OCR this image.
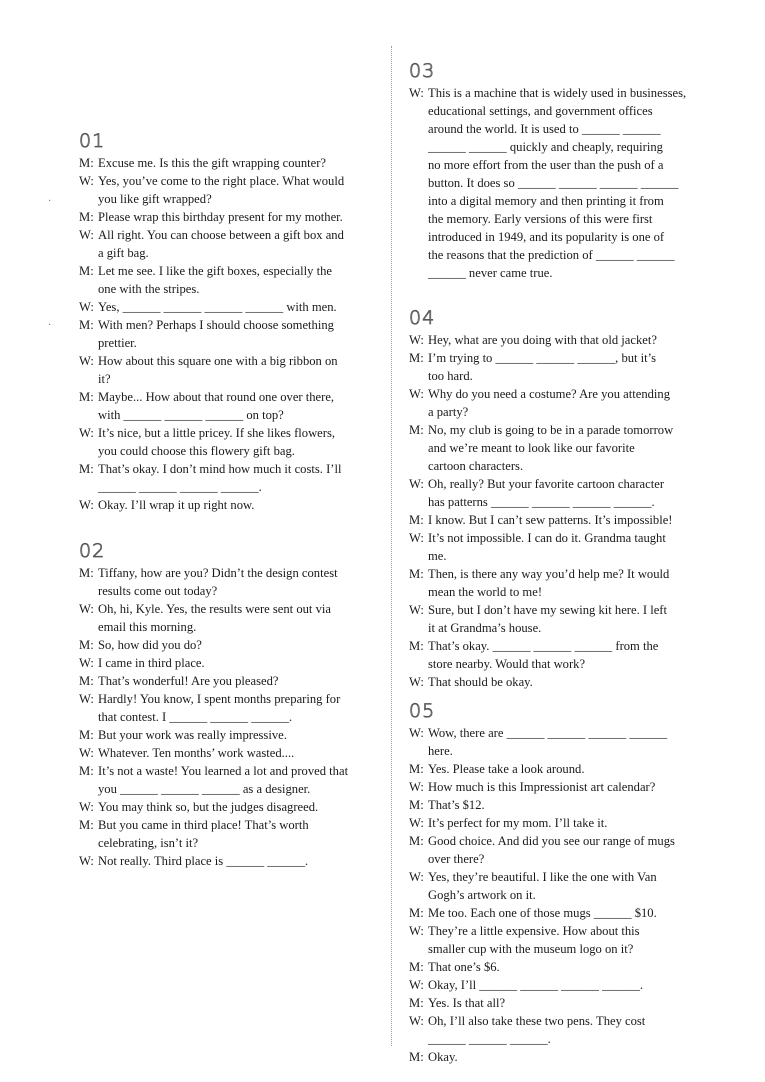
01
M: Excuse me. Is this the gift wrapping counter?
W: Yes, you’ve come to the right place. What would
you like gift wrapped?
M: Please wrap this birthday present for my mother.
W: All right. You can choose between a gift box and
a gift bag.
M: Let me see. I like the gift boxes, especially the
one with the stripes.
W: Yes, ______ ______ ______ ______ with men.
M: With men? Perhaps I should choose something
prettier.
W: How about this square one with a big ribbon on
it?
M: Maybe... How about that round one over there,
with ______ ______ ______ on top?
W: It’s nice, but a little pricey. If she likes flowers,
you could choose this flowery gift bag.
M: That’s okay. I don’t mind how much it costs. I’ll
______ ______ ______ ______.
W: Okay. I’ll wrap it up right now.
02
M: Tiffany, how are you? Didn’t the design contest
results come out today?
W: Oh, hi, Kyle. Yes, the results were sent out via
email this morning.
M: So, how did you do?
W: I came in third place.
M: That’s wonderful! Are you pleased?
W: Hardly! You know, I spent months preparing for
that contest. I ______ ______ ______.
M: But your work was really impressive.
W: Whatever. Ten months’ work wasted....
M: It’s not a waste! You learned a lot and proved that
you ______ ______ ______ as a designer.
W: You may think so, but the judges disagreed.
M: But you came in third place! That’s worth
celebrating, isn’t it?
W: Not really. Third place is ______ ______.
03
W: This is a machine that is widely used in businesses,
educational settings, and government offices
around the world. It is used to ______ ______
______ ______ quickly and cheaply, requiring
no more effort from the user than the push of a
button. It does so ______ ______ ______ ______
into a digital memory and then printing it from
the memory. Early versions of this were first
introduced in 1949, and its popularity is one of
the reasons that the prediction of ______ ______
______ never came true.
04
W: Hey, what are you doing with that old jacket?
M: I’m trying to ______ ______ ______, but it’s
too hard.
W: Why do you need a costume? Are you attending
a party?
M: No, my club is going to be in a parade tomorrow
and we’re meant to look like our favorite
cartoon characters.
W: Oh, really? But your favorite cartoon character
has patterns ______ ______ ______ ______.
M: I know. But I can’t sew patterns. It’s impossible!
W: It’s not impossible. I can do it. Grandma taught
me.
M: Then, is there any way you’d help me? It would
mean the world to me!
W: Sure, but I don’t have my sewing kit here. I left
it at Grandma’s house.
M: That’s okay. ______ ______ ______ from the
store nearby. Would that work?
W: That should be okay.
05
W: Wow, there are ______ ______ ______ ______
here.
M: Yes. Please take a look around.
W: How much is this Impressionist art calendar?
M: That’s $12.
W: It’s perfect for my mom. I’ll take it.
M: Good choice. And did you see our range of mugs
over there?
W: Yes, they’re beautiful. I like the one with Van
Gogh’s artwork on it.
M: Me too. Each one of those mugs ______ $10.
W: They’re a little expensive. How about this
smaller cup with the museum logo on it?
M: That one’s $6.
W: Okay, I’ll ______ ______ ______ ______.
M: Yes. Is that all?
W: Oh, I’ll also take these two pens. They cost
______ ______ ______.
M: Okay.
·
·
